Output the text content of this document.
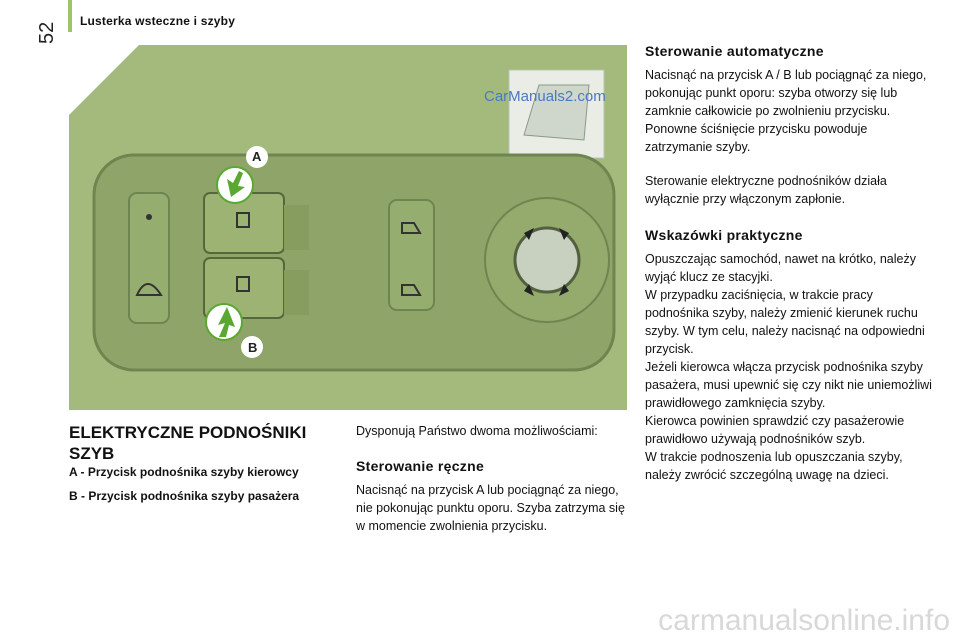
Lusterka wsteczne i szyby
52
CarManuals2.com
A
B
ELEKTRYCZNE PODNOŚNIKI SZYB
A - Przycisk podnośnika szyby kierowcy
B - Przycisk podnośnika szyby pasażera

Dysponują Państwo dwoma możliwościami:

Sterowanie ręczne

Nacisnąć na przycisk A lub pociągnąć za niego, nie pokonując punktu oporu. Szyba zatrzyma się w momencie zwolnienia przycisku.

Sterowanie automatyczne

Nacisnąć na przycisk A / B lub pociągnąć za niego, pokonując punkt oporu: szyba otworzy się lub zamknie całkowicie po zwolnieniu przycisku. Ponowne ściśnięcie przycisku powoduje zatrzymanie szyby.

Sterowanie elektryczne podnośników działa wyłącznie przy włączonym zapłonie.

Wskazówki praktyczne

Opuszczając samochód, nawet na krótko, należy wyjąć klucz ze stacyjki.
W przypadku zaciśnięcia, w trakcie pracy podnośnika szyby, należy zmienić kierunek ruchu szyby. W tym celu, należy nacisnąć na odpowiedni przycisk.
Jeżeli kierowca włącza przycisk podnośnika szyby pasażera, musi upewnić się czy nikt nie uniemożliwi prawidłowego zamknięcia szyby.
Kierowca powinien sprawdzić czy pasażerowie prawidłowo używają podnośników szyb.
W trakcie podnoszenia lub opuszczania szyby, należy zwrócić szczególną uwagę na dzieci.

carmanualsonline.info
